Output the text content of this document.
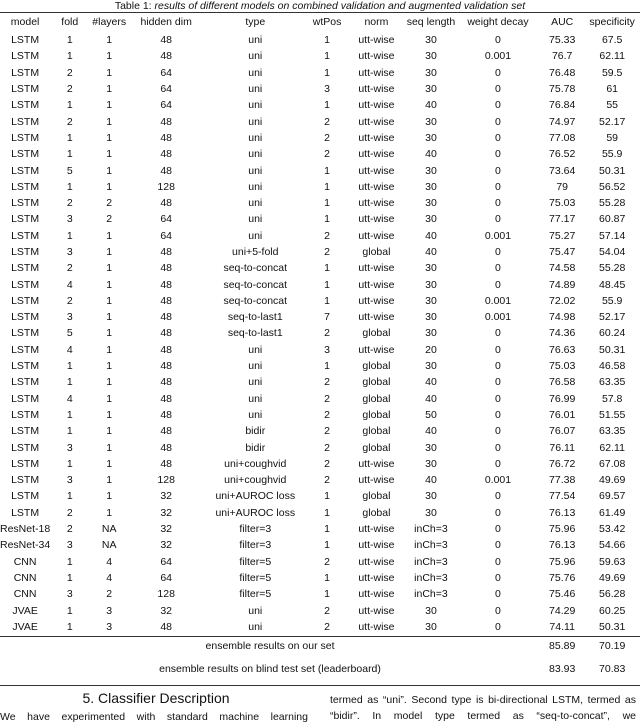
Table 1: results of different models on combined validation and augmented validation set
model	fold	#layers	hidden dim	type	wtPos	norm	seq length	weight decay	AUC	specificity
LSTM	1	1	48	uni	1	utt-wise	30	0	75.33	67.5
LSTM	1	1	48	uni	1	utt-wise	30	0.001	76.7	62.11
LSTM	2	1	64	uni	1	utt-wise	30	0	76.48	59.5
LSTM	2	1	64	uni	3	utt-wise	30	0	75.78	61
LSTM	1	1	64	uni	1	utt-wise	40	0	76.84	55
LSTM	2	1	48	uni	2	utt-wise	30	0	74.97	52.17
LSTM	1	1	48	uni	2	utt-wise	30	0	77.08	59
LSTM	1	1	48	uni	2	utt-wise	40	0	76.52	55.9
LSTM	5	1	48	uni	1	utt-wise	30	0	73.64	50.31
LSTM	1	1	128	uni	1	utt-wise	30	0	79	56.52
LSTM	2	2	48	uni	1	utt-wise	30	0	75.03	55.28
LSTM	3	2	64	uni	1	utt-wise	30	0	77.17	60.87
LSTM	1	1	64	uni	2	utt-wise	40	0.001	75.27	57.14
LSTM	3	1	48	uni+5-fold	2	global	40	0	75.47	54.04
LSTM	2	1	48	seq-to-concat	1	utt-wise	30	0	74.58	55.28
LSTM	4	1	48	seq-to-concat	1	utt-wise	30	0	74.89	48.45
LSTM	2	1	48	seq-to-concat	1	utt-wise	30	0.001	72.02	55.9
LSTM	3	1	48	seq-to-last1	7	utt-wise	30	0.001	74.98	52.17
LSTM	5	1	48	seq-to-last1	2	global	30	0	74.36	60.24
LSTM	4	1	48	uni	3	utt-wise	20	0	76.63	50.31
LSTM	1	1	48	uni	1	global	30	0	75.03	46.58
LSTM	1	1	48	uni	2	global	40	0	76.58	63.35
LSTM	4	1	48	uni	2	global	40	0	76.99	57.8
LSTM	1	1	48	uni	2	global	50	0	76.01	51.55
LSTM	1	1	48	bidir	2	global	40	0	76.07	63.35
LSTM	3	1	48	bidir	2	global	30	0	76.11	62.11
LSTM	1	1	48	uni+coughvid	2	utt-wise	30	0	76.72	67.08
LSTM	3	1	128	uni+coughvid	2	utt-wise	40	0.001	77.38	49.69
LSTM	1	1	32	uni+AUROC loss	1	global	30	0	77.54	69.57
LSTM	2	1	32	uni+AUROC loss	1	global	30	0	76.13	61.49
ResNet-18	2	NA	32	filter=3	1	utt-wise	inCh=3	0	75.96	53.42
ResNet-34	3	NA	32	filter=3	1	utt-wise	inCh=3	0	76.13	54.66
CNN	1	4	64	filter=5	2	utt-wise	inCh=3	0	75.96	59.63
CNN	1	4	64	filter=5	1	utt-wise	inCh=3	0	75.76	49.69
CNN	3	2	128	filter=5	1	utt-wise	inCh=3	0	75.46	56.28
JVAE	1	3	32	uni	2	utt-wise	30	0	74.29	60.25
JVAE	1	3	48	uni	2	utt-wise	30	0	74.11	50.31
ensemble results on our set									85.89	70.19
ensemble results on blind test set (leaderboard)									83.93	70.83
5. Classifier Description
We have experimented with standard machine learning
termed as “uni”. Second type is bi-directional LSTM, termed as
“bidir”. In model type termed as “seq-to-concat”, we
